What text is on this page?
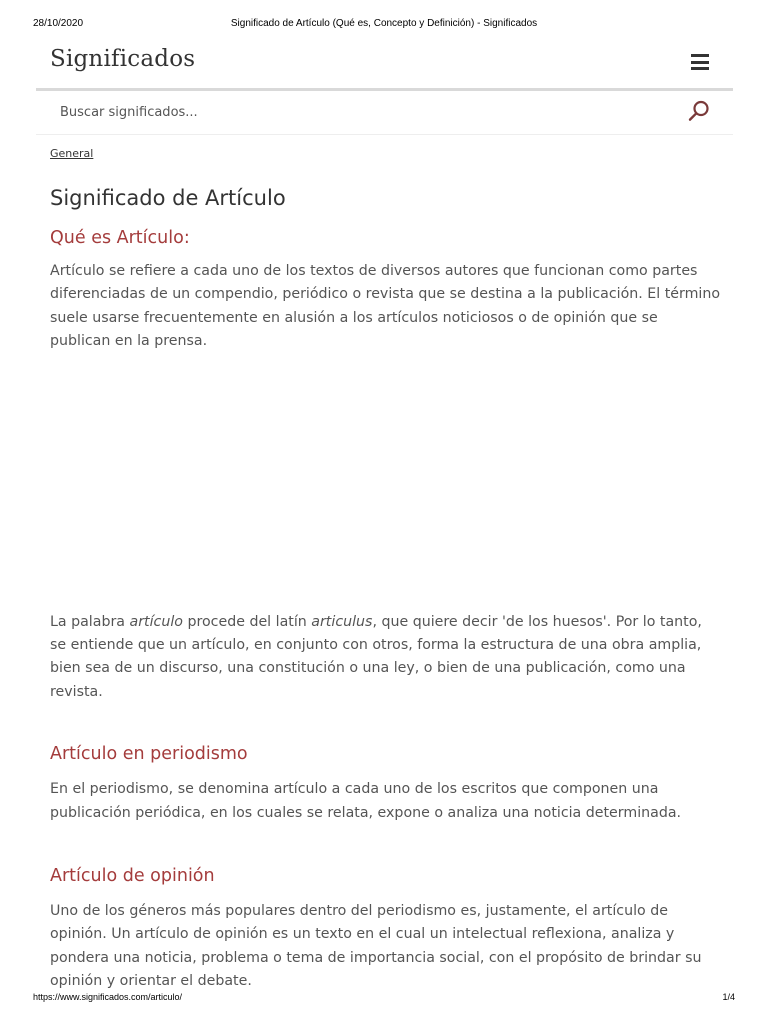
28/10/2020	Significado de Artículo (Qué es, Concepto y Definición) - Significados
Significados
Buscar significados...
General
Significado de Artículo
Qué es Artículo:

Artículo se refiere a cada uno de los textos de diversos autores que funcionan como partes diferenciadas de un compendio, periódico o revista que se destina a la publicación. El término suele usarse frecuentemente en alusión a los artículos noticiosos o de opinión que se publican en la prensa.

La palabra artículo procede del latín articulus, que quiere decir 'de los huesos'. Por lo tanto, se entiende que un artículo, en conjunto con otros, forma la estructura de una obra amplia, bien sea de un discurso, una constitución o una ley, o bien de una publicación, como una revista.

Artículo en periodismo

En el periodismo, se denomina artículo a cada uno de los escritos que componen una publicación periódica, en los cuales se relata, expone o analiza una noticia determinada.

Artículo de opinión

Uno de los géneros más populares dentro del periodismo es, justamente, el artículo de opinión. Un artículo de opinión es un texto en el cual un intelectual reflexiona, analiza y pondera una noticia, problema o tema de importancia social, con el propósito de brindar su opinión y orientar el debate.

https://www.significados.com/articulo/	1/4
